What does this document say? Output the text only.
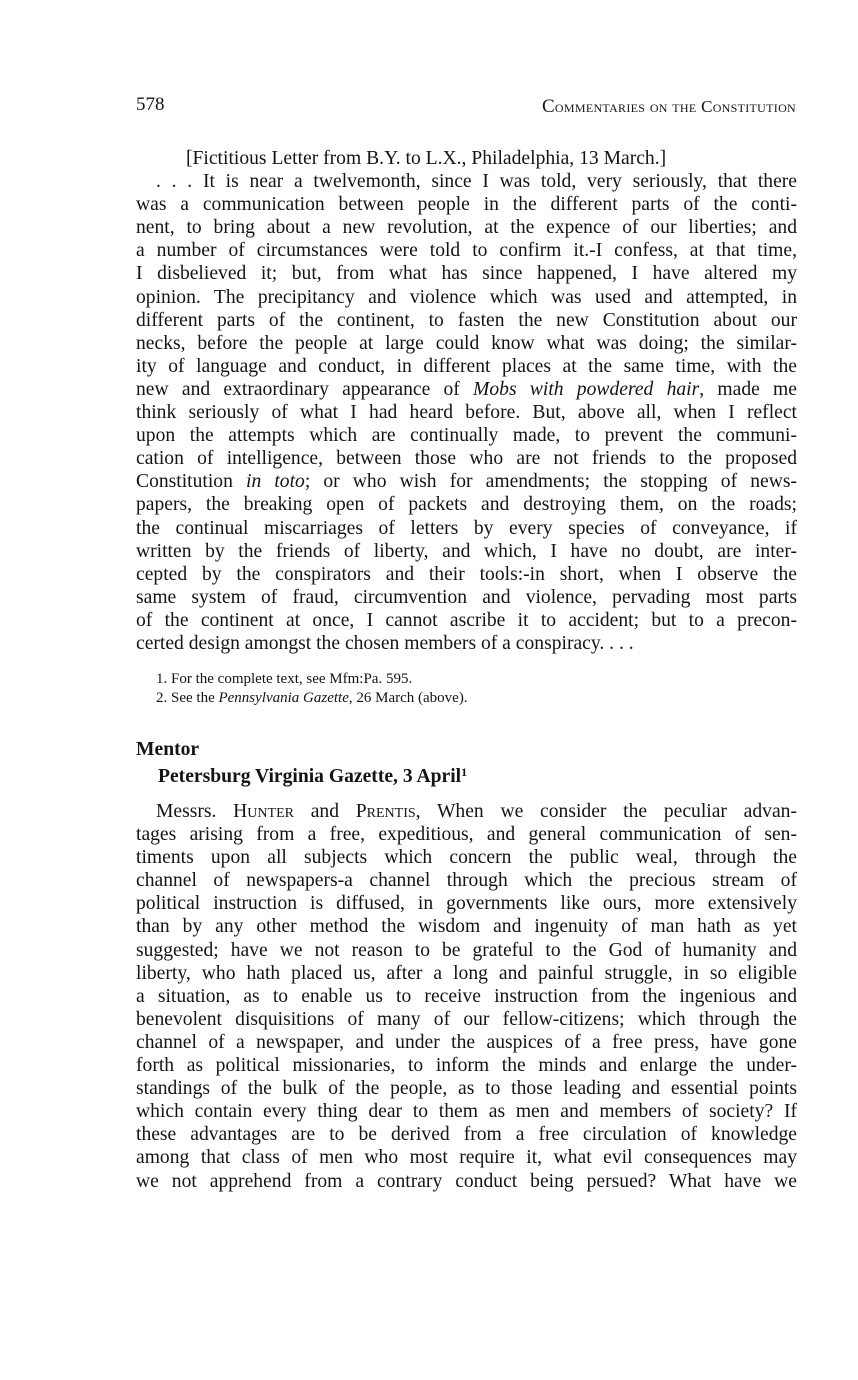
578	Commentaries on the Constitution
[Fictitious Letter from B.Y. to L.X., Philadelphia, 13 March.]
. . . It is near a twelvemonth, since I was told, very seriously, that there
was a communication between people in the different parts of the conti-
nent, to bring about a new revolution, at the expence of our liberties; and
a number of circumstances were told to confirm it.-I confess, at that time,
I disbelieved it; but, from what has since happened, I have altered my
opinion. The precipitancy and violence which was used and attempted, in
different parts of the continent, to fasten the new Constitution about our
necks, before the people at large could know what was doing; the similar-
ity of language and conduct, in different places at the same time, with the
new and extraordinary appearance of Mobs with powdered hair, made me
think seriously of what I had heard before. But, above all, when I reflect
upon the attempts which are continually made, to prevent the communi-
cation of intelligence, between those who are not friends to the proposed
Constitution in toto; or who wish for amendments; the stopping of news-
papers, the breaking open of packets and destroying them, on the roads;
the continual miscarriages of letters by every species of conveyance, if
written by the friends of liberty, and which, I have no doubt, are inter-
cepted by the conspirators and their tools:-in short, when I observe the
same system of fraud, circumvention and violence, pervading most parts
of the continent at once, I cannot ascribe it to accident; but to a precon-
certed design amongst the chosen members of a conspiracy. . . .
1. For the complete text, see Mfm:Pa. 595.
2. See the Pennsylvania Gazette, 26 March (above).
Mentor
Petersburg Virginia Gazette, 3 April$^1$
Messrs. Hunter and Prentis, When we consider the peculiar advan-
tages arising from a free, expeditious, and general communication of sen-
timents upon all subjects which concern the public weal, through the
channel of newspapers-a channel through which the precious stream of
political instruction is diffused, in governments like ours, more extensively
than by any other method the wisdom and ingenuity of man hath as yet
suggested; have we not reason to be grateful to the God of humanity and
liberty, who hath placed us, after a long and painful struggle, in so eligible
a situation, as to enable us to receive instruction from the ingenious and
benevolent disquisitions of many of our fellow-citizens; which through the
channel of a newspaper, and under the auspices of a free press, have gone
forth as political missionaries, to inform the minds and enlarge the under-
standings of the bulk of the people, as to those leading and essential points
which contain every thing dear to them as men and members of society? If
these advantages are to be derived from a free circulation of knowledge
among that class of men who most require it, what evil consequences may
we not apprehend from a contrary conduct being persued? What have we
